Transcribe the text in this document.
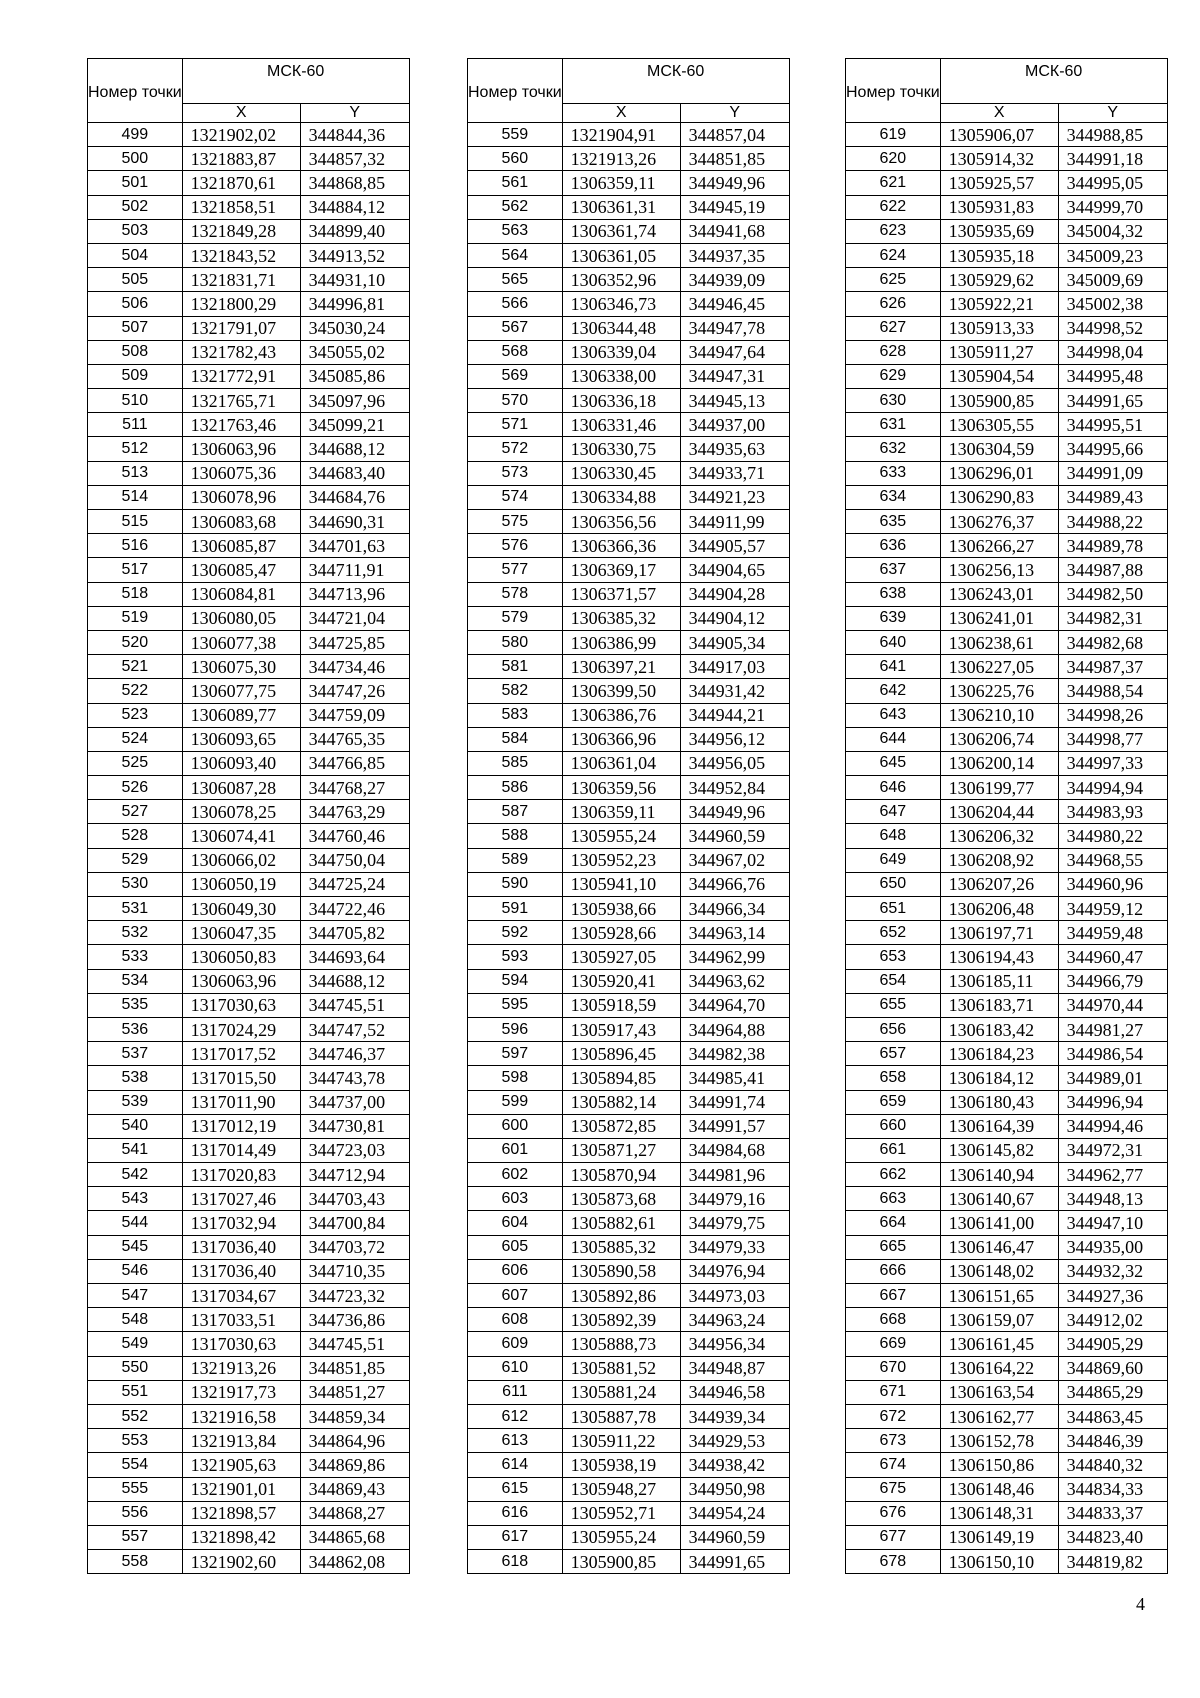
Номер точки	МСК-60	
	X	Y
499	1321902,02	344844,36
500	1321883,87	344857,32
501	1321870,61	344868,85
502	1321858,51	344884,12
503	1321849,28	344899,40
504	1321843,52	344913,52
505	1321831,71	344931,10
506	1321800,29	344996,81
507	1321791,07	345030,24
508	1321782,43	345055,02
509	1321772,91	345085,86
510	1321765,71	345097,96
511	1321763,46	345099,21
512	1306063,96	344688,12
513	1306075,36	344683,40
514	1306078,96	344684,76
515	1306083,68	344690,31
516	1306085,87	344701,63
517	1306085,47	344711,91
518	1306084,81	344713,96
519	1306080,05	344721,04
520	1306077,38	344725,85
521	1306075,30	344734,46
522	1306077,75	344747,26
523	1306089,77	344759,09
524	1306093,65	344765,35
525	1306093,40	344766,85
526	1306087,28	344768,27
527	1306078,25	344763,29
528	1306074,41	344760,46
529	1306066,02	344750,04
530	1306050,19	344725,24
531	1306049,30	344722,46
532	1306047,35	344705,82
533	1306050,83	344693,64
534	1306063,96	344688,12
535	1317030,63	344745,51
536	1317024,29	344747,52
537	1317017,52	344746,37
538	1317015,50	344743,78
539	1317011,90	344737,00
540	1317012,19	344730,81
541	1317014,49	344723,03
542	1317020,83	344712,94
543	1317027,46	344703,43
544	1317032,94	344700,84
545	1317036,40	344703,72
546	1317036,40	344710,35
547	1317034,67	344723,32
548	1317033,51	344736,86
549	1317030,63	344745,51
550	1321913,26	344851,85
551	1321917,73	344851,27
552	1321916,58	344859,34
553	1321913,84	344864,96
554	1321905,63	344869,86
555	1321901,01	344869,43
556	1321898,57	344868,27
557	1321898,42	344865,68
558	1321902,60	344862,08
Номер точки	МСК-60	
	X	Y
559	1321904,91	344857,04
560	1321913,26	344851,85
561	1306359,11	344949,96
562	1306361,31	344945,19
563	1306361,74	344941,68
564	1306361,05	344937,35
565	1306352,96	344939,09
566	1306346,73	344946,45
567	1306344,48	344947,78
568	1306339,04	344947,64
569	1306338,00	344947,31
570	1306336,18	344945,13
571	1306331,46	344937,00
572	1306330,75	344935,63
573	1306330,45	344933,71
574	1306334,88	344921,23
575	1306356,56	344911,99
576	1306366,36	344905,57
577	1306369,17	344904,65
578	1306371,57	344904,28
579	1306385,32	344904,12
580	1306386,99	344905,34
581	1306397,21	344917,03
582	1306399,50	344931,42
583	1306386,76	344944,21
584	1306366,96	344956,12
585	1306361,04	344956,05
586	1306359,56	344952,84
587	1306359,11	344949,96
588	1305955,24	344960,59
589	1305952,23	344967,02
590	1305941,10	344966,76
591	1305938,66	344966,34
592	1305928,66	344963,14
593	1305927,05	344962,99
594	1305920,41	344963,62
595	1305918,59	344964,70
596	1305917,43	344964,88
597	1305896,45	344982,38
598	1305894,85	344985,41
599	1305882,14	344991,74
600	1305872,85	344991,57
601	1305871,27	344984,68
602	1305870,94	344981,96
603	1305873,68	344979,16
604	1305882,61	344979,75
605	1305885,32	344979,33
606	1305890,58	344976,94
607	1305892,86	344973,03
608	1305892,39	344963,24
609	1305888,73	344956,34
610	1305881,52	344948,87
611	1305881,24	344946,58
612	1305887,78	344939,34
613	1305911,22	344929,53
614	1305938,19	344938,42
615	1305948,27	344950,98
616	1305952,71	344954,24
617	1305955,24	344960,59
618	1305900,85	344991,65
Номер точки	МСК-60	
	X	Y
619	1305906,07	344988,85
620	1305914,32	344991,18
621	1305925,57	344995,05
622	1305931,83	344999,70
623	1305935,69	345004,32
624	1305935,18	345009,23
625	1305929,62	345009,69
626	1305922,21	345002,38
627	1305913,33	344998,52
628	1305911,27	344998,04
629	1305904,54	344995,48
630	1305900,85	344991,65
631	1306305,55	344995,51
632	1306304,59	344995,66
633	1306296,01	344991,09
634	1306290,83	344989,43
635	1306276,37	344988,22
636	1306266,27	344989,78
637	1306256,13	344987,88
638	1306243,01	344982,50
639	1306241,01	344982,31
640	1306238,61	344982,68
641	1306227,05	344987,37
642	1306225,76	344988,54
643	1306210,10	344998,26
644	1306206,74	344998,77
645	1306200,14	344997,33
646	1306199,77	344994,94
647	1306204,44	344983,93
648	1306206,32	344980,22
649	1306208,92	344968,55
650	1306207,26	344960,96
651	1306206,48	344959,12
652	1306197,71	344959,48
653	1306194,43	344960,47
654	1306185,11	344966,79
655	1306183,71	344970,44
656	1306183,42	344981,27
657	1306184,23	344986,54
658	1306184,12	344989,01
659	1306180,43	344996,94
660	1306164,39	344994,46
661	1306145,82	344972,31
662	1306140,94	344962,77
663	1306140,67	344948,13
664	1306141,00	344947,10
665	1306146,47	344935,00
666	1306148,02	344932,32
667	1306151,65	344927,36
668	1306159,07	344912,02
669	1306161,45	344905,29
670	1306164,22	344869,60
671	1306163,54	344865,29
672	1306162,77	344863,45
673	1306152,78	344846,39
674	1306150,86	344840,32
675	1306148,46	344834,33
676	1306148,31	344833,37
677	1306149,19	344823,40
678	1306150,10	344819,82
4
